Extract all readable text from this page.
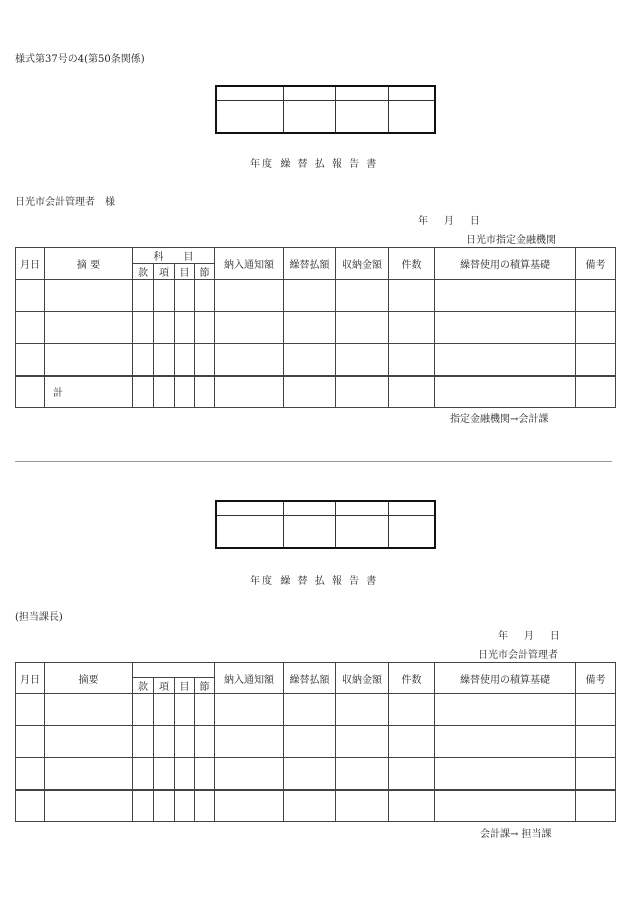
様式第37号の4(第50条関係)

年度 繰 替 払 報 告 書
日光市会計管理者　様
年 月 日
日光市指定金融機関
月日	摘 要	科　　目				納入通知額	繰替払額	収納金額	件数	繰替使用の積算基礎	備考
		款	項	目	節						

	計										
指定金融機関→会計課

年度 繰 替 払 報 告 書
(担当課長)
年 月 日
日光市会計管理者
月日	摘要					納入通知額	繰替払額	収納金額	件数	繰替使用の積算基礎	備考
		款	項	目	節						

会計課→ 担当課
